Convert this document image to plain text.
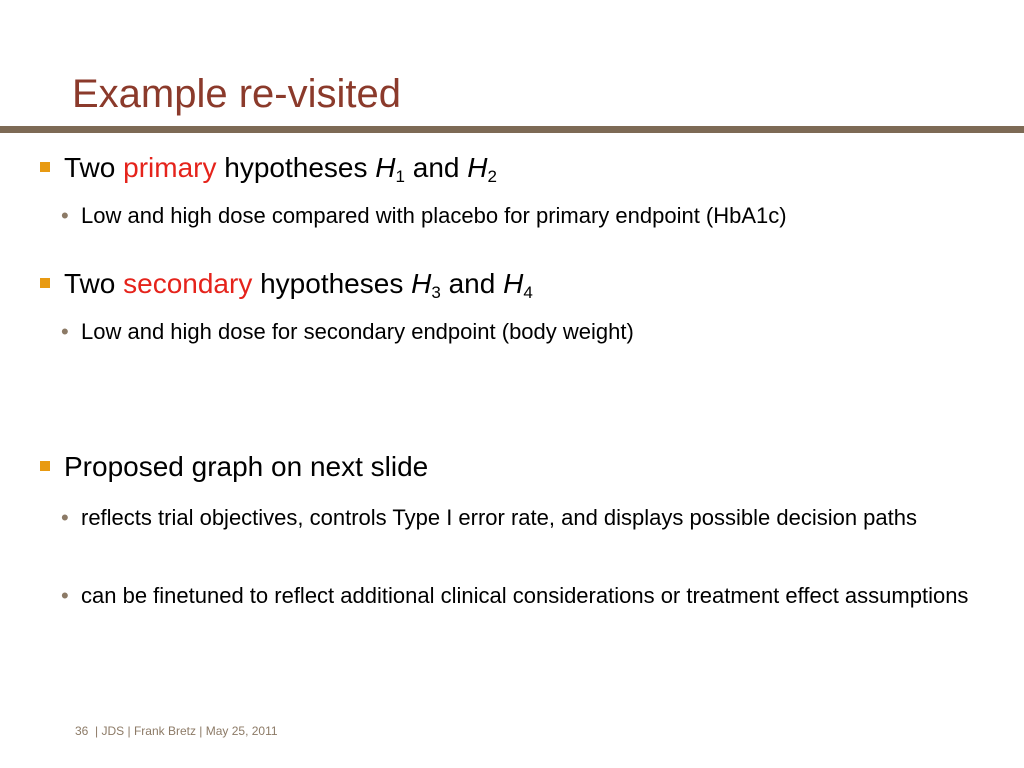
Example re-visited
Two primary hypotheses $H_1$ and $H_2$
• Low and high dose compared with placebo for primary endpoint (HbA1c)
Two secondary hypotheses $H_3$ and $H_4$
• Low and high dose for secondary endpoint (body weight)
Proposed graph on next slide
• reflects trial objectives, controls Type I error rate, and displays possible decision paths
• can be finetuned to reflect additional clinical considerations or treatment effect assumptions
36 | JDS | Frank Bretz | May 25, 2011
